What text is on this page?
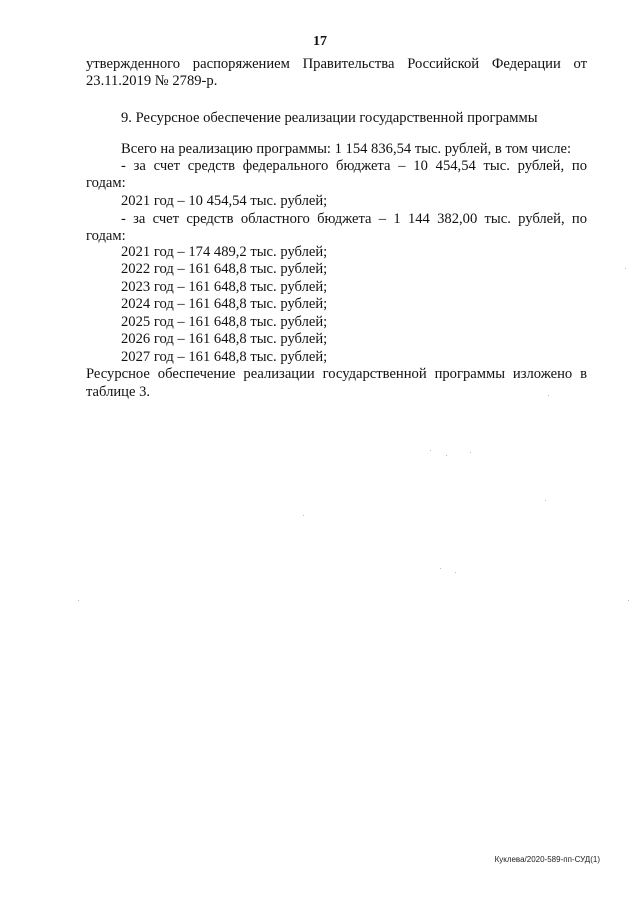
17
утвержденного распоряжением Правительства Российской Федерации от
23.11.2019 № 2789-р.
9. Ресурсное обеспечение реализации государственной программы
Всего на реализацию программы: 1 154 836,54 тыс. рублей, в том числе:
- за счет средств федерального бюджета – 10 454,54 тыс. рублей, по
годам:
2021 год – 10 454,54 тыс. рублей;
- за счет средств областного бюджета – 1 144 382,00 тыс. рублей, по
годам:
2021 год – 174 489,2 тыс. рублей;
2022 год – 161 648,8 тыс. рублей;
2023 год – 161 648,8 тыс. рублей;
2024 год – 161 648,8 тыс. рублей;
2025 год – 161 648,8 тыс. рублей;
2026 год – 161 648,8 тыс. рублей;
2027 год – 161 648,8 тыс. рублей;
Ресурсное обеспечение реализации государственной программы изложено в
таблице 3.
Куклева/2020-589-пп-СУД(1)
